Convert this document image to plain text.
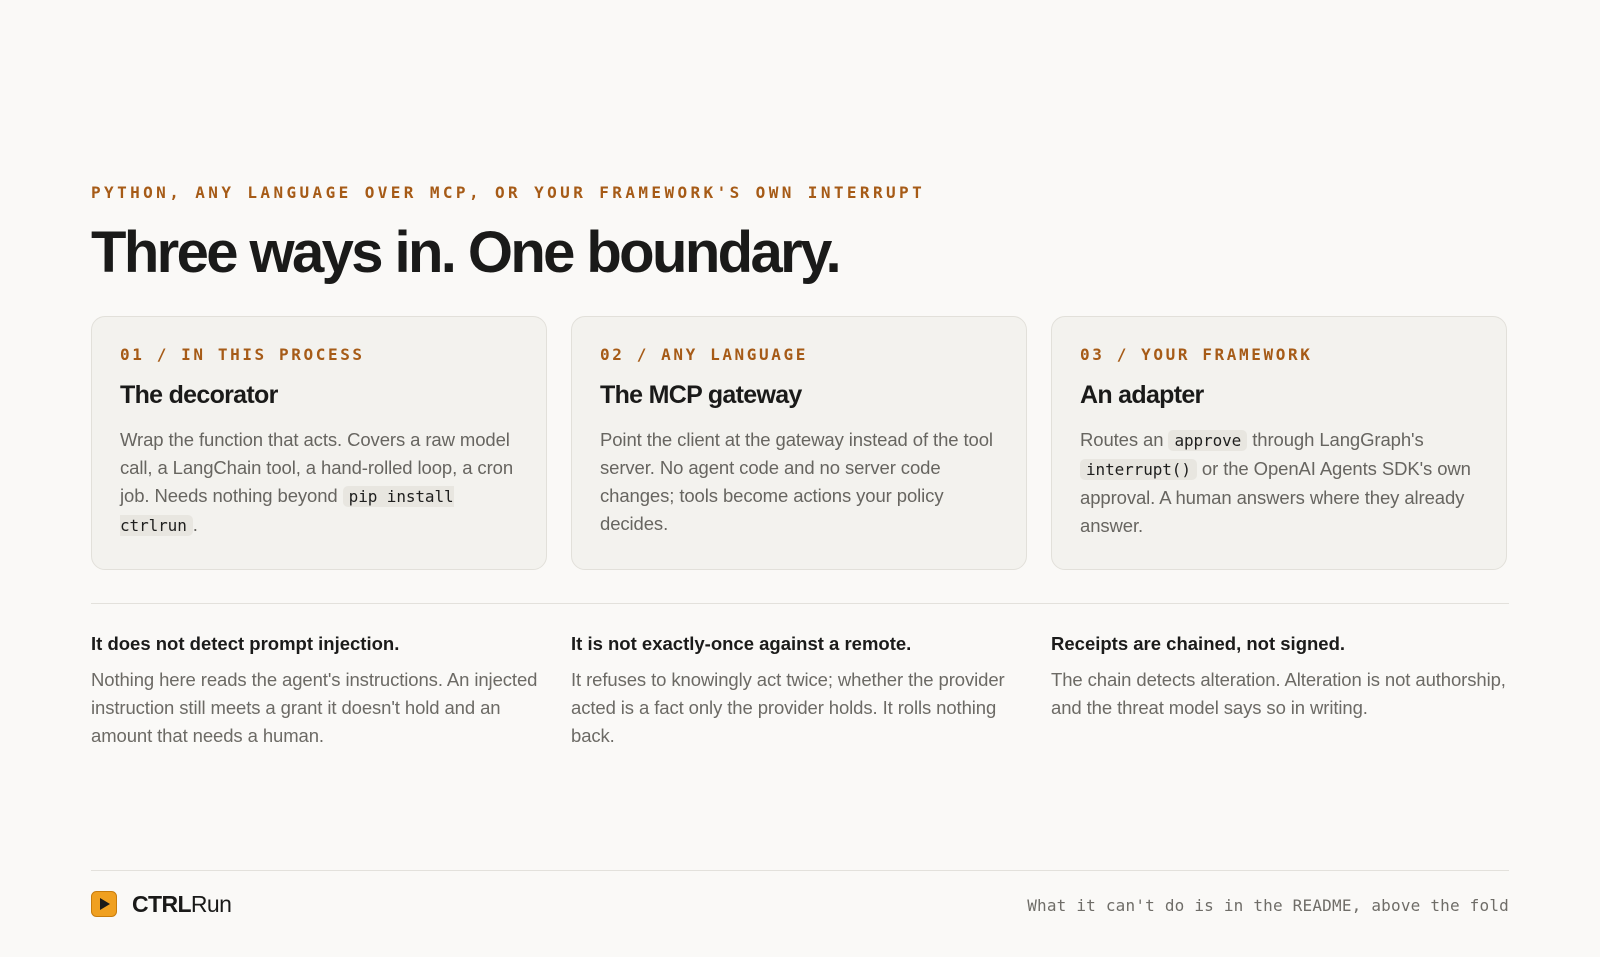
PYTHON, ANY LANGUAGE OVER MCP, OR YOUR FRAMEWORK'S OWN INTERRUPT
Three ways in. One boundary.
01 / IN THIS PROCESS
The decorator
Wrap the function that acts. Covers a raw model call, a LangChain tool, a hand-rolled loop, a cron job. Needs nothing beyond pip install ctrlrun .
02 / ANY LANGUAGE
The MCP gateway
Point the client at the gateway instead of the tool server. No agent code and no server code changes; tools become actions your policy decides.
03 / YOUR FRAMEWORK
An adapter
Routes an approve through LangGraph's interrupt() or the OpenAI Agents SDK's own approval. A human answers where they already answer.
It does not detect prompt injection.
Nothing here reads the agent's instructions. An injected instruction still meets a grant it doesn't hold and an amount that needs a human.
It is not exactly-once against a remote.
It refuses to knowingly act twice; whether the provider acted is a fact only the provider holds. It rolls nothing back.
Receipts are chained, not signed.
The chain detects alteration. Alteration is not authorship, and the threat model says so in writing.
CTRLRun	What it can't do is in the README, above the fold
